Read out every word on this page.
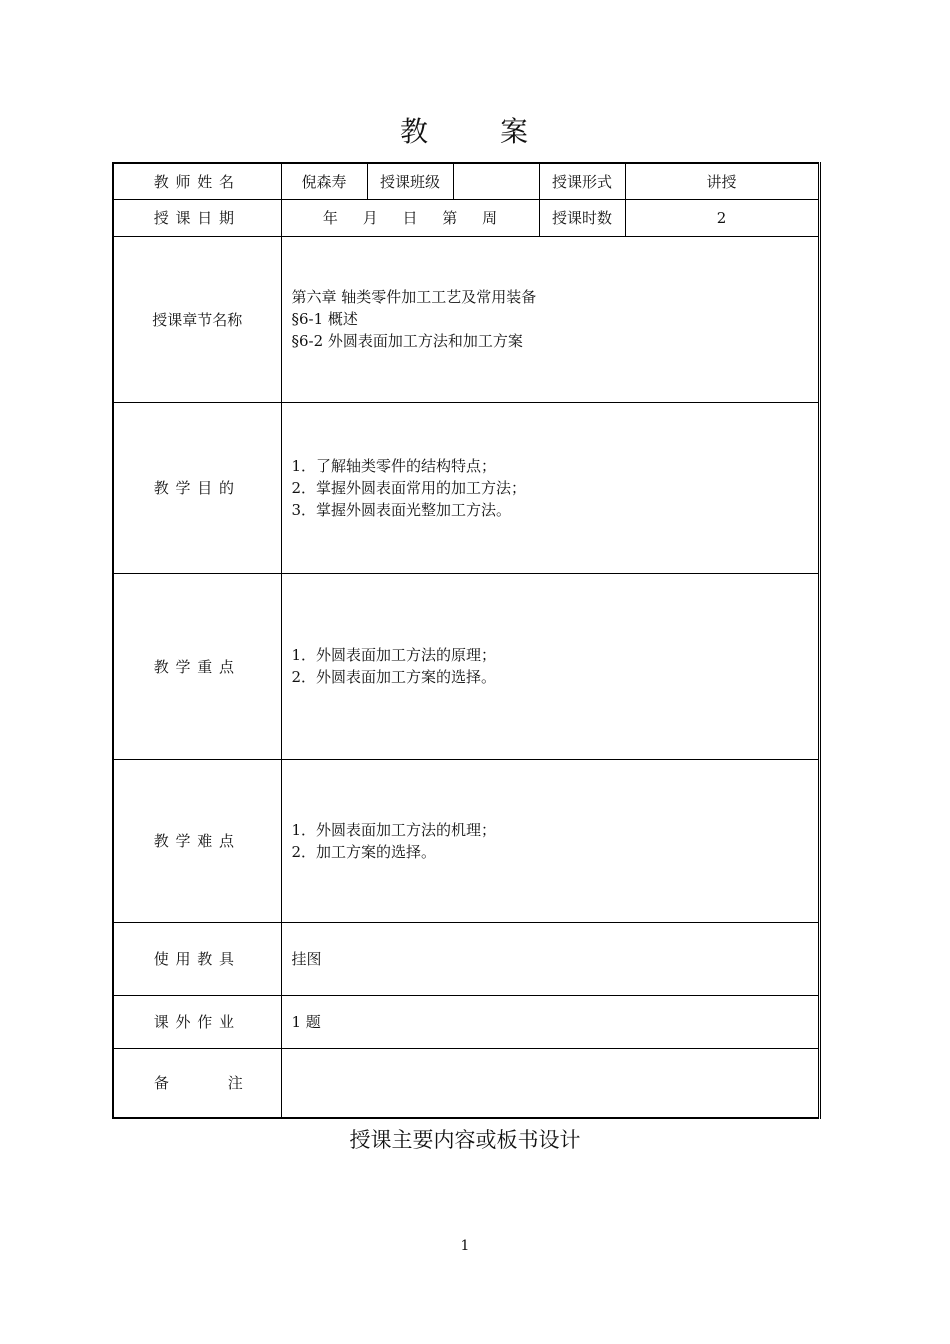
教	案
教师姓名	倪森寿	授课班级		授课形式	讲授
授课日期	年 月 日 第 周			授课时数	2
授课章节名称	第六章 轴类零件加工工艺及常用装备
§6-1 概述
§6-2 外圆表面加工方法和加工方案				

教学目的	1．了解轴类零件的结构特点；
2．掌握外圆表面常用的加工方法；
3．掌握外圆表面光整加工方法。				

教学重点	1．外圆表面加工方法的原理；
2．外圆表面加工方案的选择。				

教学难点	1．外圆表面加工方法的机理；
2．加工方案的选择。				

使用教具	挂图				
课外作业	1 题				
备 注					
授课主要内容或板书设计
1
